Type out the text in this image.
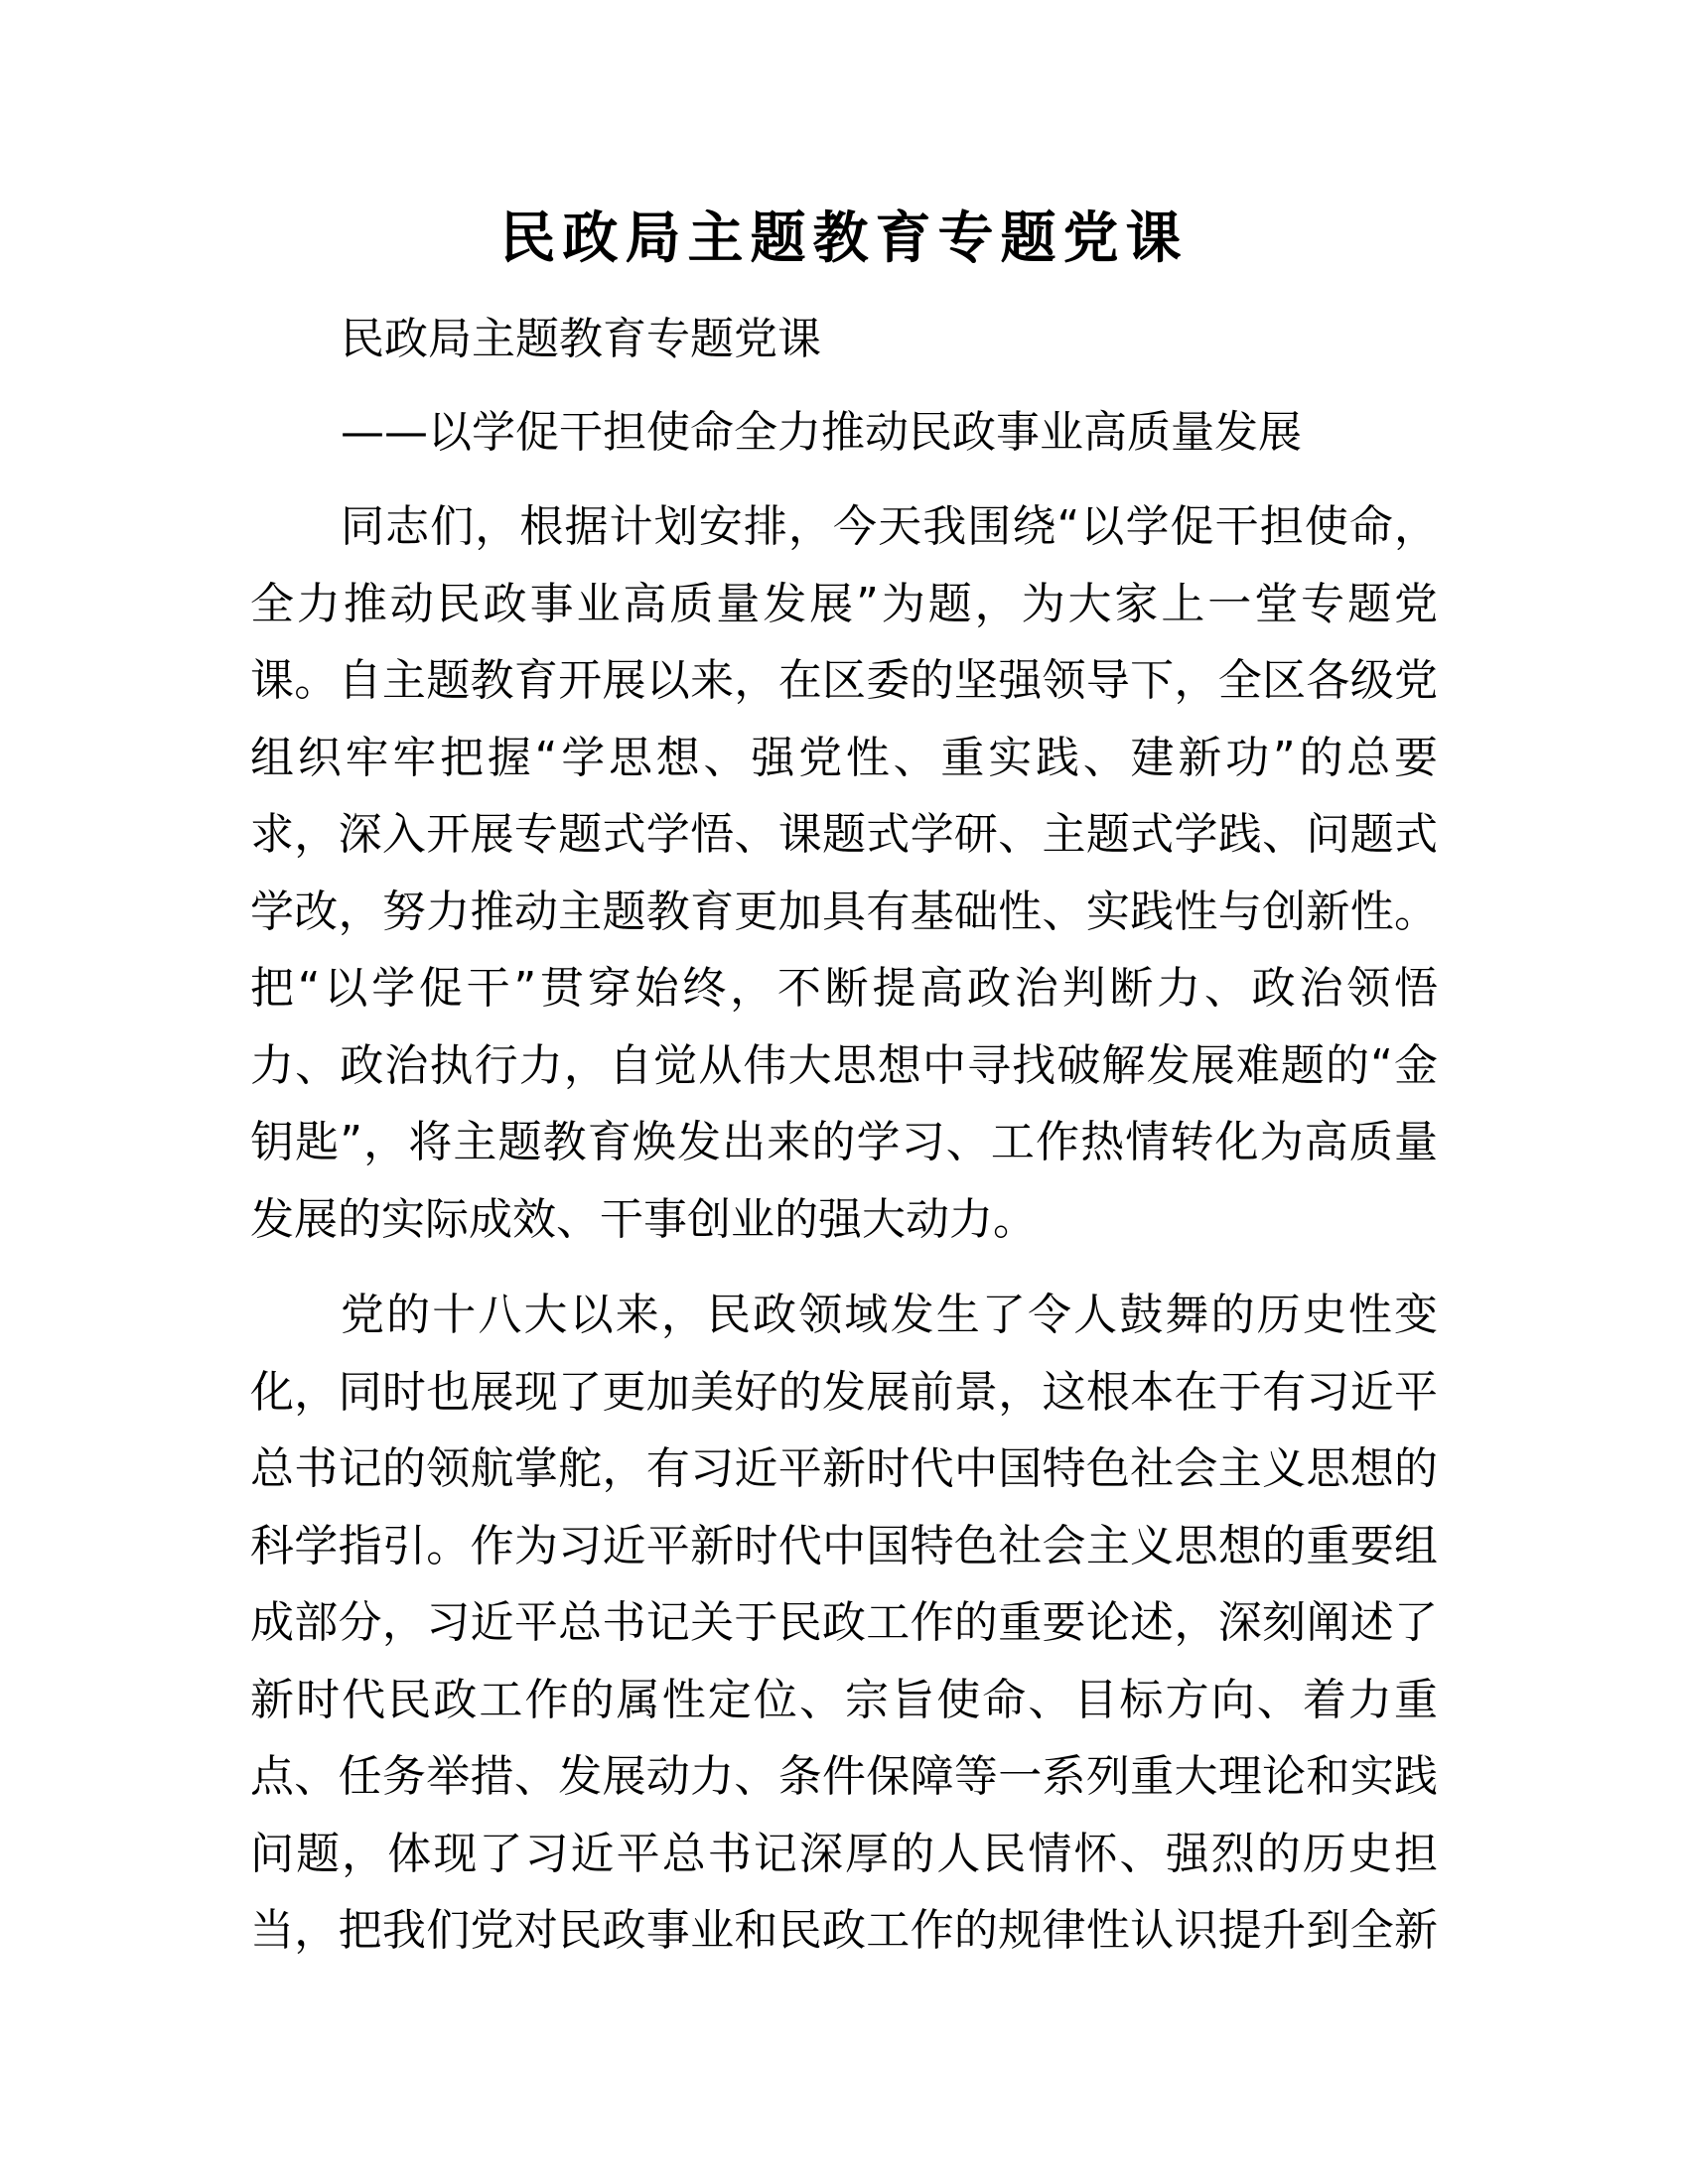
民政局主题教育专题党课
民政局主题教育专题党课
——以学促干担使命全力推动民政事业高质量发展
同志们，根据计划安排，今天我围绕“以学促干担使命，
全力推动民政事业高质量发展”为题，为大家上一堂专题党
课。自主题教育开展以来，在区委的坚强领导下，全区各级党
组织牢牢把握“学思想、强党性、重实践、建新功”的总要
求，深入开展专题式学悟、课题式学研、主题式学践、问题式
学改，努力推动主题教育更加具有基础性、实践性与创新性。
把“以学促干”贯穿始终，不断提高政治判断力、政治领悟
力、政治执行力，自觉从伟大思想中寻找破解发展难题的“金
钥匙”，将主题教育焕发出来的学习、工作热情转化为高质量
发展的实际成效、干事创业的强大动力。
党的十八大以来，民政领域发生了令人鼓舞的历史性变
化，同时也展现了更加美好的发展前景，这根本在于有习近平
总书记的领航掌舵，有习近平新时代中国特色社会主义思想的
科学指引。作为习近平新时代中国特色社会主义思想的重要组
成部分，习近平总书记关于民政工作的重要论述，深刻阐述了
新时代民政工作的属性定位、宗旨使命、目标方向、着力重
点、任务举措、发展动力、条件保障等一系列重大理论和实践
问题，体现了习近平总书记深厚的人民情怀、强烈的历史担
当，把我们党对民政事业和民政工作的规律性认识提升到全新
